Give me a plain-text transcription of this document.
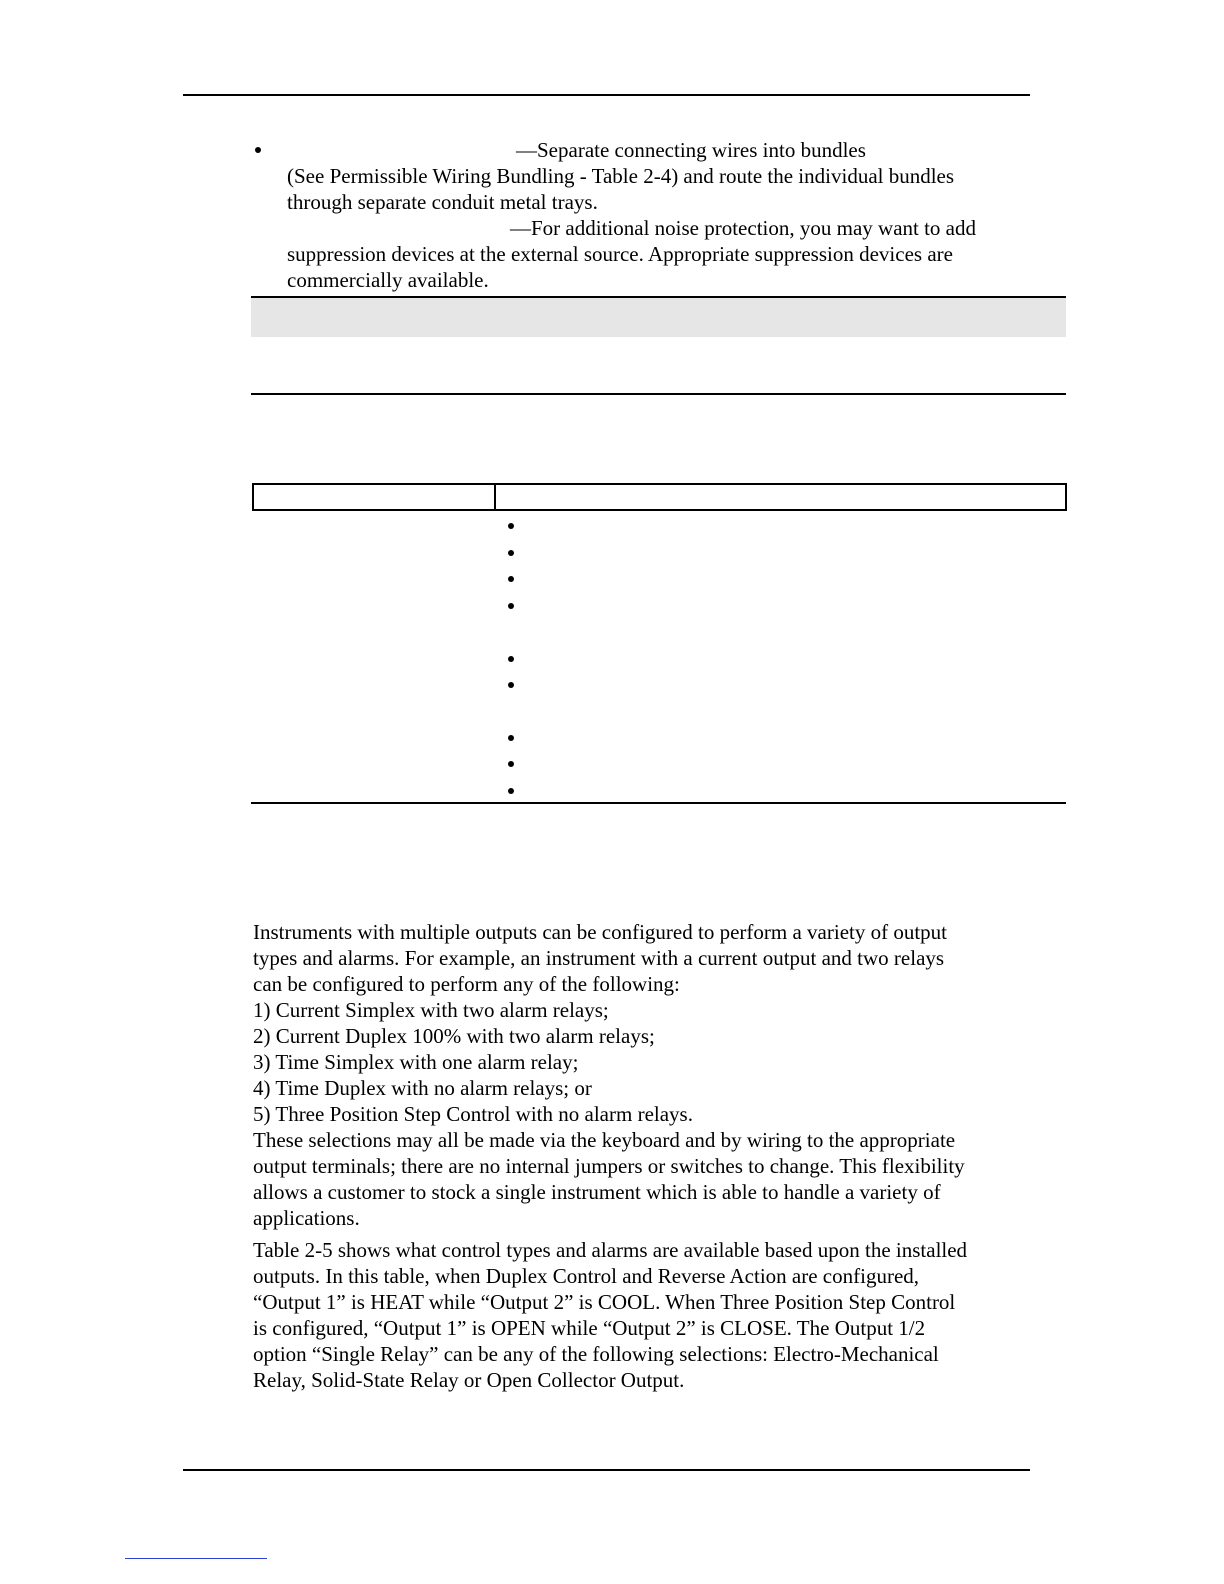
—Separate connecting wires into bundles
(See Permissible Wiring Bundling - Table 2-4) and route the individual bundles
through separate conduit metal trays.
—For additional noise protection, you may want to add
suppression devices at the external source. Appropriate suppression devices are
commercially available.
Instruments with multiple outputs can be configured to perform a variety of output
types and alarms. For example, an instrument with a current output and two relays
can be configured to perform any of the following:
1) Current Simplex with two alarm relays;
2) Current Duplex 100% with two alarm relays;
3) Time Simplex with one alarm relay;
4) Time Duplex with no alarm relays; or
5) Three Position Step Control with no alarm relays.
These selections may all be made via the keyboard and by wiring to the appropriate
output terminals; there are no internal jumpers or switches to change. This flexibility
allows a customer to stock a single instrument which is able to handle a variety of
applications.
Table 2-5 shows what control types and alarms are available based upon the installed
outputs. In this table, when Duplex Control and Reverse Action are configured,
“Output 1” is HEAT while “Output 2” is COOL. When Three Position Step Control
is configured, “Output 1” is OPEN while “Output 2” is CLOSE. The Output 1/2
option “Single Relay” can be any of the following selections: Electro-Mechanical
Relay, Solid-State Relay or Open Collector Output.
